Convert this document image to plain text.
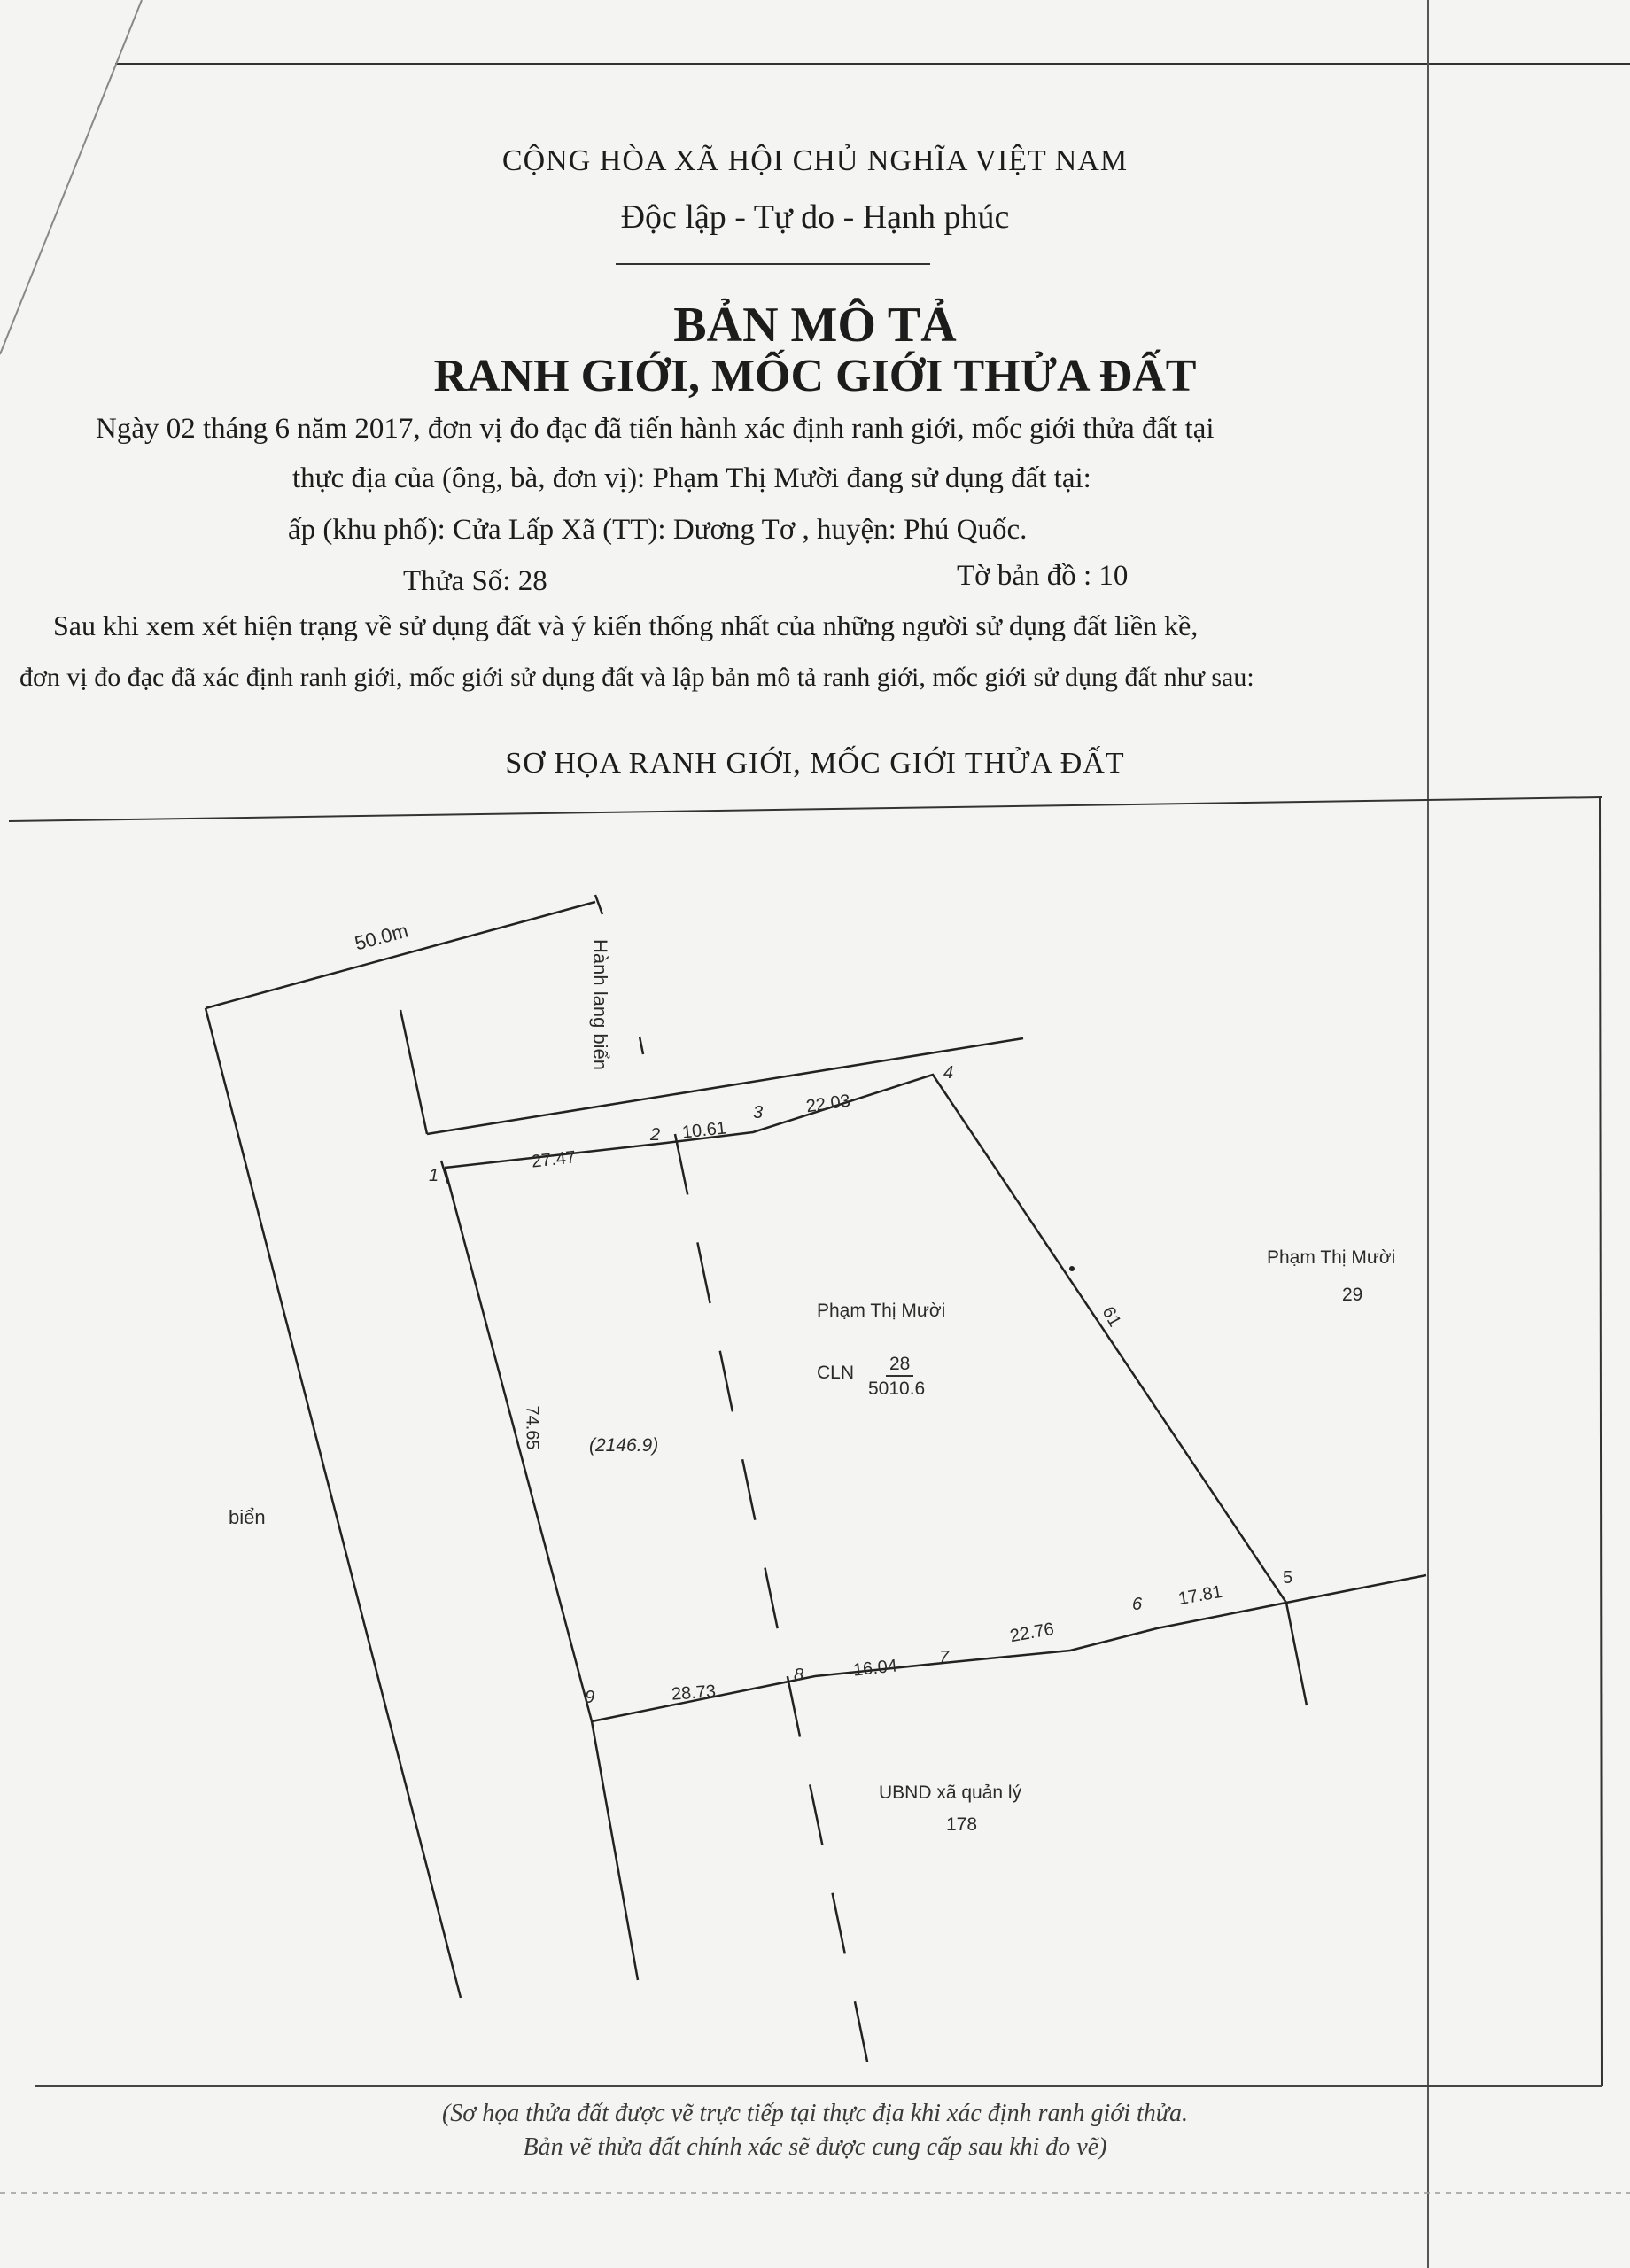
CỘNG HÒA XÃ HỘI CHỦ NGHĨA VIỆT NAM
Độc lập - Tự do - Hạnh phúc
BẢN MÔ TẢ
RANH GIỚI, MỐC GIỚI THỬA ĐẤT
Ngày 02 tháng 6 năm 2017, đơn vị đo đạc đã tiến hành xác định ranh giới, mốc giới thửa đất tại
thực địa của (ông, bà, đơn vị): Phạm Thị Mười đang sử dụng đất tại:
ấp (khu phố): Cửa Lấp Xã (TT): Dương Tơ , huyện: Phú Quốc.
Thửa Số: 28	Tờ bản đồ : 10
Sau khi xem xét hiện trạng về sử dụng đất và ý kiến thống nhất của những người sử dụng đất liền kề,
đơn vị đo đạc đã xác định ranh giới, mốc giới sử dụng đất và lập bản mô tả ranh giới, mốc giới sử dụng đất như sau:
SƠ HỌA RANH GIỚI, MỐC GIỚI THỬA ĐẤT
50.0m
Hành lang biển
biển
Phạm Thị Mười
29
Phạm Thị Mười
CLN 28
5010.6
(2146.9)
UBND xã quản lý
178
1
2
3
4
5
6
7
8
9
27.47
10.61
22.03
61
17.81
22.76
16.04
28.73
74.65
(Sơ họa thửa đất được vẽ trực tiếp tại thực địa khi xác định ranh giới thửa.
Bản vẽ thửa đất chính xác sẽ được cung cấp sau khi đo vẽ)
